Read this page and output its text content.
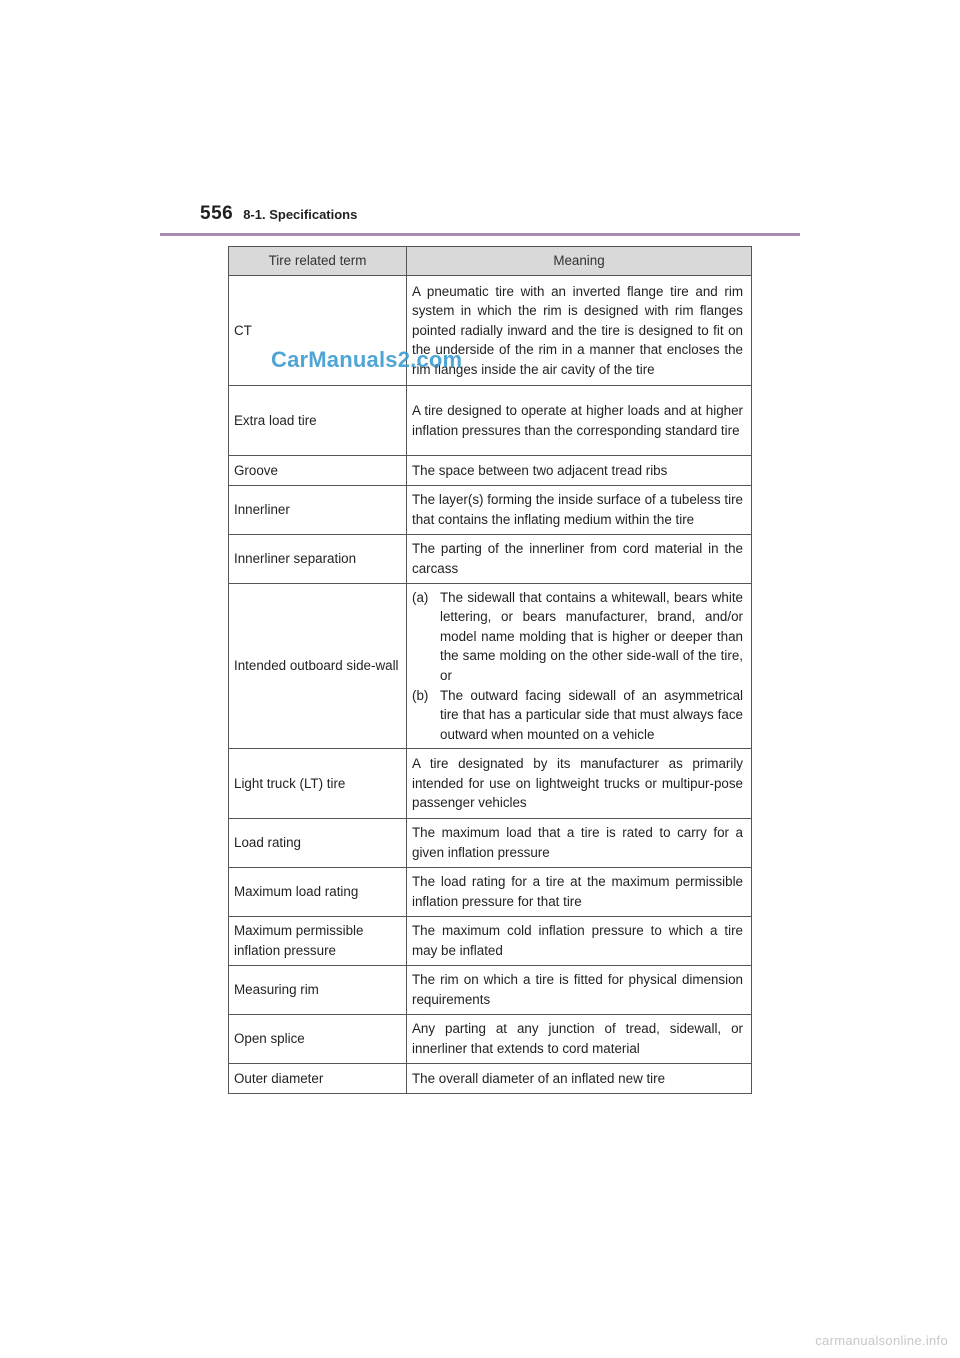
556 8-1. Specifications
Tire related term	Meaning
CT	A pneumatic tire with an inverted flange tire and rim system in which the rim is designed with rim flanges pointed radially inward and the tire is designed to fit on the underside of the rim in a manner that encloses the rim flanges inside the air cavity of the tire
Extra load tire	A tire designed to operate at higher loads and at higher inflation pressures than the corresponding standard tire
Groove	The space between two adjacent tread ribs
Innerliner	The layer(s) forming the inside surface of a tubeless tire that contains the inflating medium within the tire
Innerliner separation	The parting of the innerliner from cord material in the carcass
Intended outboard side-wall	(a) The sidewall that contains a whitewall, bears white lettering, or bears manufacturer, brand, and/or model name molding that is higher or deeper than the same molding on the other side-wall of the tire, or
(b) The outward facing sidewall of an asymmetrical tire that has a particular side that must always face outward when mounted on a vehicle

Light truck (LT) tire	A tire designated by its manufacturer as primarily intended for use on lightweight trucks or multipur-pose passenger vehicles
Load rating	The maximum load that a tire is rated to carry for a given inflation pressure
Maximum load rating	The load rating for a tire at the maximum permissible inflation pressure for that tire
Maximum permissible inflation pressure	The maximum cold inflation pressure to which a tire may be inflated
Measuring rim	The rim on which a tire is fitted for physical dimension requirements
Open splice	Any parting at any junction of tread, sidewall, or innerliner that extends to cord material
Outer diameter	The overall diameter of an inflated new tire
CarManuals2.com
carmanualsonline.info
